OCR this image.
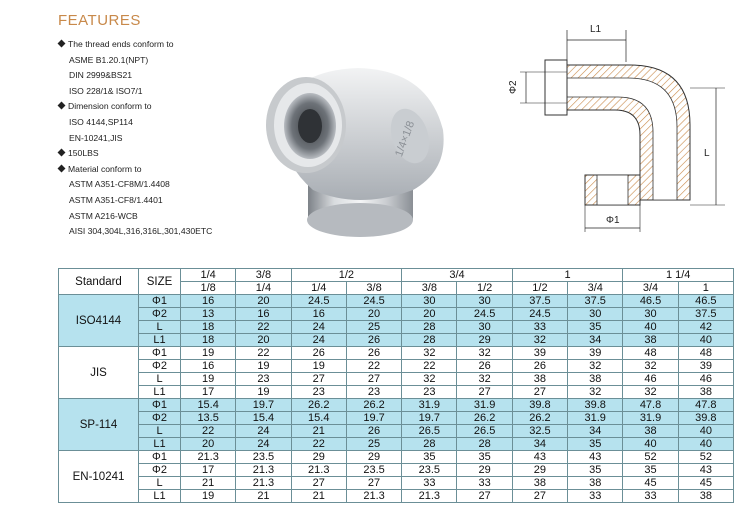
FEATURES
The thread ends conform to
ASME B1.20.1(NPT)
DIN 2999&BS21
ISO 228/1& ISO7/1
Dimension conform to
ISO 4144,SP114
EN-10241,JIS
150LBS
Material conform to
ASTM A351-CF8M/1.4408
ASTM A351-CF8/1.4401
ASTM A216-WCB
AISI 304,304L,316,316L,301,430ETC
1/4×1/8
L1
Φ2
L
Φ1
Standard	SIZE	1/4	3/8	1/2		3/4		1		1 1/4	
		1/8	1/4	1/4	3/8	3/8	1/2	1/2	3/4	3/4	1
ISO4144	Φ1	16	20	24.5	24.5	30	30	37.5	37.5	46.5	46.5
	Φ2	13	16	16	20	20	24.5	24.5	30	30	37.5
	L	18	22	24	25	28	30	33	35	40	42
	L1	18	20	24	26	28	29	32	34	38	40
JIS	Φ1	19	22	26	26	32	32	39	39	48	48
	Φ2	16	19	19	22	22	26	26	32	32	39
	L	19	23	27	27	32	32	38	38	46	46
	L1	17	19	23	23	23	27	27	32	32	38
SP-114	Φ1	15.4	19.7	26.2	26.2	31.9	31.9	39.8	39.8	47.8	47.8
	Φ2	13.5	15.4	15.4	19.7	19.7	26.2	26.2	31.9	31.9	39.8
	L	22	24	21	26	26.5	26.5	32.5	34	38	40
	L1	20	24	22	25	28	28	34	35	40	40
EN-10241	Φ1	21.3	23.5	29	29	35	35	43	43	52	52
	Φ2	17	21.3	21.3	23.5	23.5	29	29	35	35	43
	L	21	21.3	27	27	33	33	38	38	45	45
	L1	19	21	21	21.3	21.3	27	27	33	33	38
